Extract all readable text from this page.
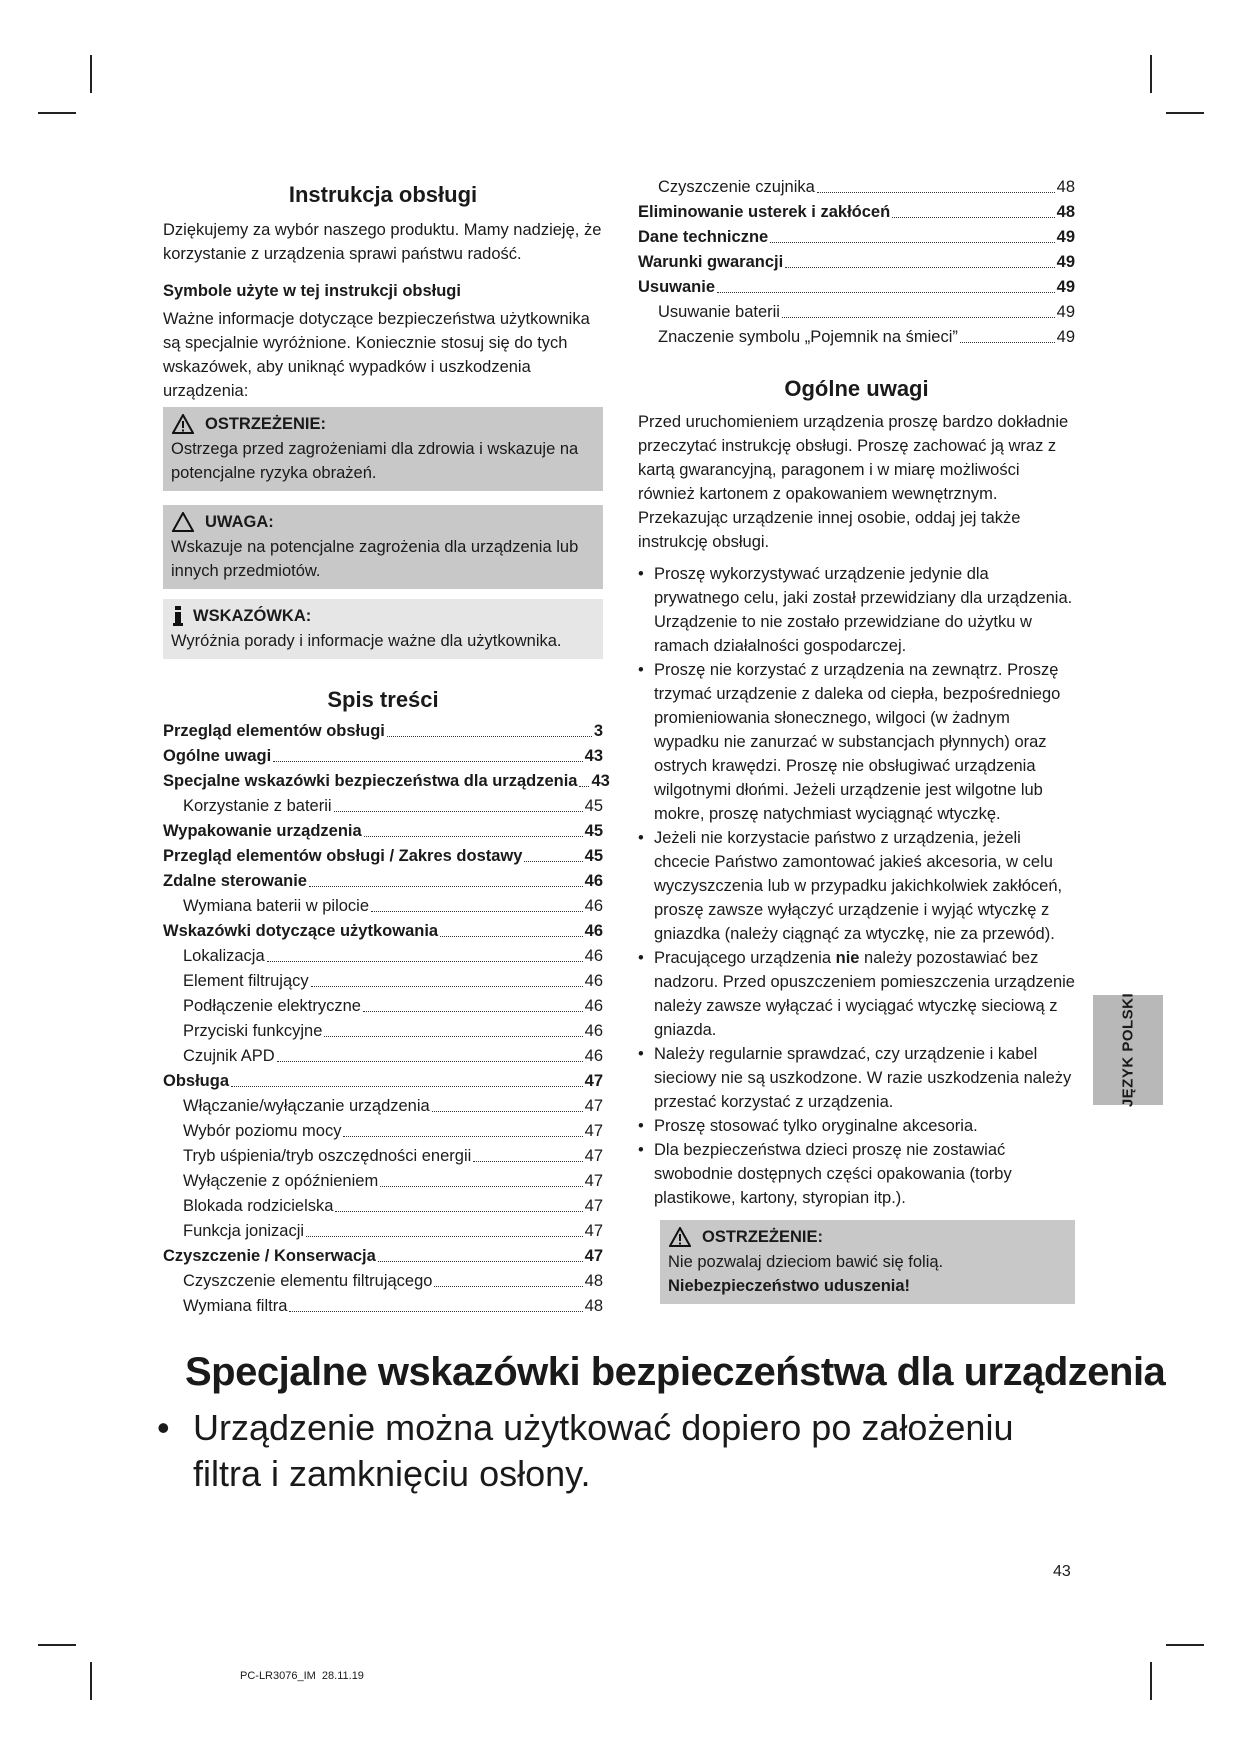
Instrukcja obsługi

Dziękujemy za wybór naszego produktu. Mamy nadzieję, że korzystanie z urządzenia sprawi państwu radość.

Symbole użyte w tej instrukcji obsługi

Ważne informacje dotyczące bezpieczeństwa użytkownika są specjalnie wyróżnione. Koniecznie stosuj się do tych wskazówek, aby uniknąć wypadków i uszkodzenia urządzenia:

OSTRZEŻENIE:
Ostrzega przed zagrożeniami dla zdrowia i wskazuje na potencjalne ryzyka obrażeń.
UWAGA:
Wskazuje na potencjalne zagrożenia dla urządzenia lub innych przedmiotów.
WSKAZÓWKA:
Wyróżnia porady i informacje ważne dla użytkownika.
Spis treści
Przegląd elementów obsługi	3
Ogólne uwagi	43
Specjalne wskazówki bezpieczeństwa dla urządzenia 43
Korzystanie z baterii	45
Wypakowanie urządzenia	45
Przegląd elementów obsługi / Zakres dostawy	45
Zdalne sterowanie	46
Wymiana baterii w pilocie	46
Wskazówki dotyczące użytkowania	46
Lokalizacja	46
Element filtrujący	46
Podłączenie elektryczne	46
Przyciski funkcyjne	46
Czujnik APD	46
Obsługa	47
Włączanie/wyłączanie urządzenia	47
Wybór poziomu mocy	47
Tryb uśpienia/tryb oszczędności energii	47
Wyłączenie z opóźnieniem	47
Blokada rodzicielska	47
Funkcja jonizacji	47
Czyszczenie / Konserwacja	47
Czyszczenie elementu filtrującego	48
Wymiana filtra	48
Czyszczenie czujnika	48
Eliminowanie usterek i zakłóceń	48
Dane techniczne	49
Warunki gwarancji	49
Usuwanie	49
Usuwanie baterii	49
Znaczenie symbolu „Pojemnik na śmieci”	49
Ogólne uwagi

Przed uruchomieniem urządzenia proszę bardzo dokładnie przeczytać instrukcję obsługi. Proszę zachować ją wraz z kartą gwarancyjną, paragonem i w miarę możliwości również kartonem z opakowaniem wewnętrznym. Przekazując urządzenie innej osobie, oddaj jej także instrukcję obsługi.

• Proszę wykorzystywać urządzenie jedynie dla prywatnego celu, jaki został przewidziany dla urządzenia. Urządzenie to nie zostało przewidziane do użytku w ramach działalności gospodarczej.
• Proszę nie korzystać z urządzenia na zewnątrz. Proszę trzymać urządzenie z daleka od ciepła, bezpośredniego promieniowania słonecznego, wilgoci (w żadnym wypadku nie zanurzać w substancjach płynnych) oraz ostrych krawędzi. Proszę nie obsługiwać urządzenia wilgotnymi dłońmi. Jeżeli urządzenie jest wilgotne lub mokre, proszę natychmiast wyciągnąć wtyczkę.
• Jeżeli nie korzystacie państwo z urządzenia, jeżeli chcecie Państwo zamontować jakieś akcesoria, w celu wyczyszczenia lub w przypadku jakichkolwiek zakłóceń, proszę zawsze wyłączyć urządzenie i wyjąć wtyczkę z gniazdka (należy ciągnąć za wtyczkę, nie za przewód).
• Pracującego urządzenia nie należy pozostawiać bez nadzoru. Przed opuszczeniem pomieszczenia urządzenie należy zawsze wyłączać i wyciągać wtyczkę sieciową z gniazda.
• Należy regularnie sprawdzać, czy urządzenie i kabel sieciowy nie są uszkodzone. W razie uszkodzenia należy przestać korzystać z urządzenia.
• Proszę stosować tylko oryginalne akcesoria.
• Dla bezpieczeństwa dzieci proszę nie zostawiać swobodnie dostępnych części opakowania (torby plastikowe, kartony, styropian itp.).
OSTRZEŻENIE:
Nie pozwalaj dzieciom bawić się folią. Niebezpieczeństwo uduszenia!
JĘZYK POLSKI
Specjalne wskazówki bezpieczeństwa dla urządzenia
• Urządzenie można użytkować dopiero po założeniu filtra i zamknięciu osłony.
43
PC-LR3076_IM  28.11.19
